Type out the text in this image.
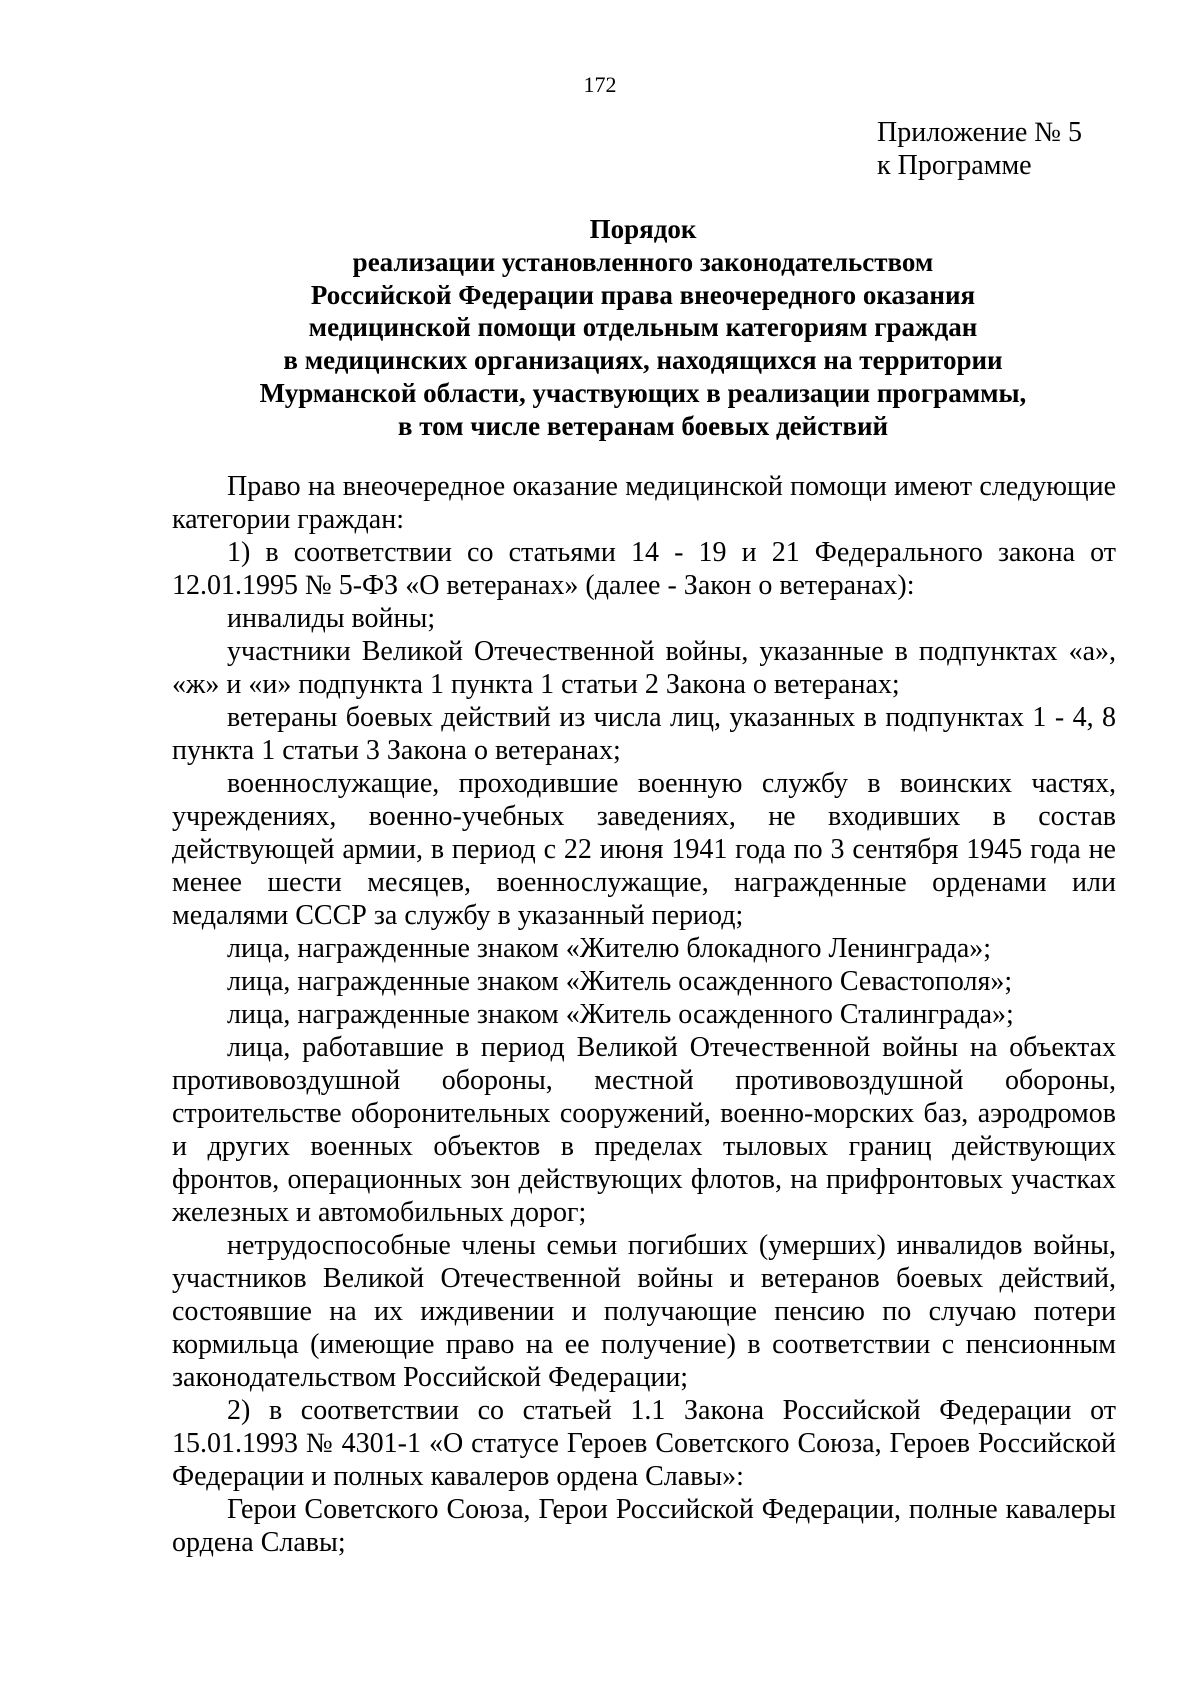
172
Приложение № 5
к Программе
Порядок
реализации установленного законодательством
Российской Федерации права внеочередного оказания
медицинской помощи отдельным категориям граждан
в медицинских организациях, находящихся на территории
Мурманской области, участвующих в реализации программы,
в том числе ветеранам боевых действий

Право на внеочередное оказание медицинской помощи имеют следующие категории граждан:

1) в соответствии со статьями 14 - 19 и 21 Федерального закона от 12.01.1995 № 5-ФЗ «О ветеранах» (далее - Закон о ветеранах):

инвалиды войны;

участники Великой Отечественной войны, указанные в подпунктах «а», «ж» и «и» подпункта 1 пункта 1 статьи 2 Закона о ветеранах;

ветераны боевых действий из числа лиц, указанных в подпунктах 1 - 4, 8 пункта 1 статьи 3 Закона о ветеранах;

военнослужащие, проходившие военную службу в воинских частях, учреждениях, военно-учебных заведениях, не входивших в состав действующей армии, в период с 22 июня 1941 года по 3 сентября 1945 года не менее шести месяцев, военнослужащие, награжденные орденами или медалями СССР за службу в указанный период;

лица, награжденные знаком «Жителю блокадного Ленинграда»;

лица, награжденные знаком «Житель осажденного Севастополя»;

лица, награжденные знаком «Житель осажденного Сталинграда»;

лица, работавшие в период Великой Отечественной войны на объектах противовоздушной обороны, местной противовоздушной обороны, строительстве оборонительных сооружений, военно-морских баз, аэродромов и других военных объектов в пределах тыловых границ действующих фронтов, операционных зон действующих флотов, на прифронтовых участках железных и автомобильных дорог;

нетрудоспособные члены семьи погибших (умерших) инвалидов войны, участников Великой Отечественной войны и ветеранов боевых действий, состоявшие на их иждивении и получающие пенсию по случаю потери кормильца (имеющие право на ее получение) в соответствии с пенсионным законодательством Российской Федерации;

2) в соответствии со статьей 1.1 Закона Российской Федерации от 15.01.1993 № 4301-1 «О статусе Героев Советского Союза, Героев Российской Федерации и полных кавалеров ордена Славы»:

Герои Советского Союза, Герои Российской Федерации, полные кавалеры ордена Славы;
